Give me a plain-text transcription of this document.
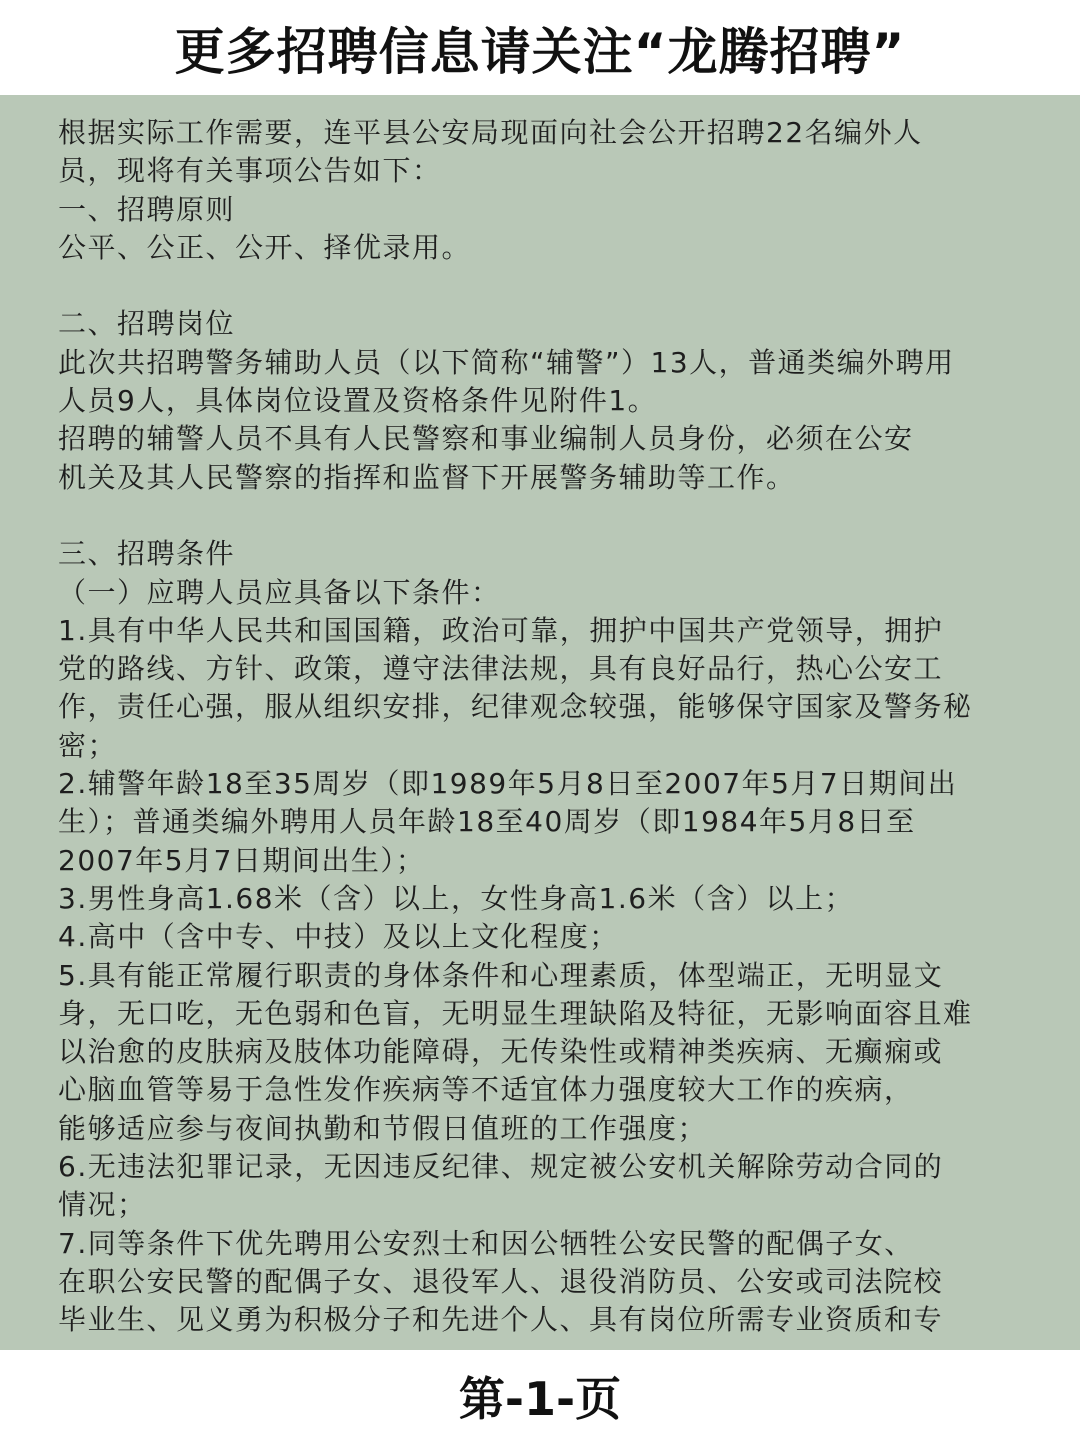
更多招聘信息请关注“龙腾招聘”
根据实际工作需要，连平县公安局现面向社会公开招聘22名编外人
员，现将有关事项公告如下：
一、招聘原则
公平、公正、公开、择优录用。
二、招聘岗位
此次共招聘警务辅助人员（以下简称“辅警”）13人，普通类编外聘用
人员9人，具体岗位设置及资格条件见附件1。
招聘的辅警人员不具有人民警察和事业编制人员身份，必须在公安
机关及其人民警察的指挥和监督下开展警务辅助等工作。
三、招聘条件
（一）应聘人员应具备以下条件：
1.具有中华人民共和国国籍，政治可靠，拥护中国共产党领导，拥护
党的路线、方针、政策，遵守法律法规，具有良好品行，热心公安工
作，责任心强，服从组织安排，纪律观念较强，能够保守国家及警务秘
密；
2.辅警年龄18至35周岁（即1989年5月8日至2007年5月7日期间出
生）；普通类编外聘用人员年龄18至40周岁（即1984年5月8日至
2007年5月7日期间出生）；
3.男性身高1.68米（含）以上，女性身高1.6米（含）以上；
4.高中（含中专、中技）及以上文化程度；
5.具有能正常履行职责的身体条件和心理素质，体型端正，无明显文
身，无口吃，无色弱和色盲，无明显生理缺陷及特征，无影响面容且难
以治愈的皮肤病及肢体功能障碍，无传染性或精神类疾病、无癫痫或
心脑血管等易于急性发作疾病等不适宜体力强度较大工作的疾病，
能够适应参与夜间执勤和节假日值班的工作强度；
6.无违法犯罪记录，无因违反纪律、规定被公安机关解除劳动合同的
情况；
7.同等条件下优先聘用公安烈士和因公牺牲公安民警的配偶子女、
在职公安民警的配偶子女、退役军人、退役消防员、公安或司法院校
毕业生、见义勇为积极分子和先进个人、具有岗位所需专业资质和专
第-1-页
